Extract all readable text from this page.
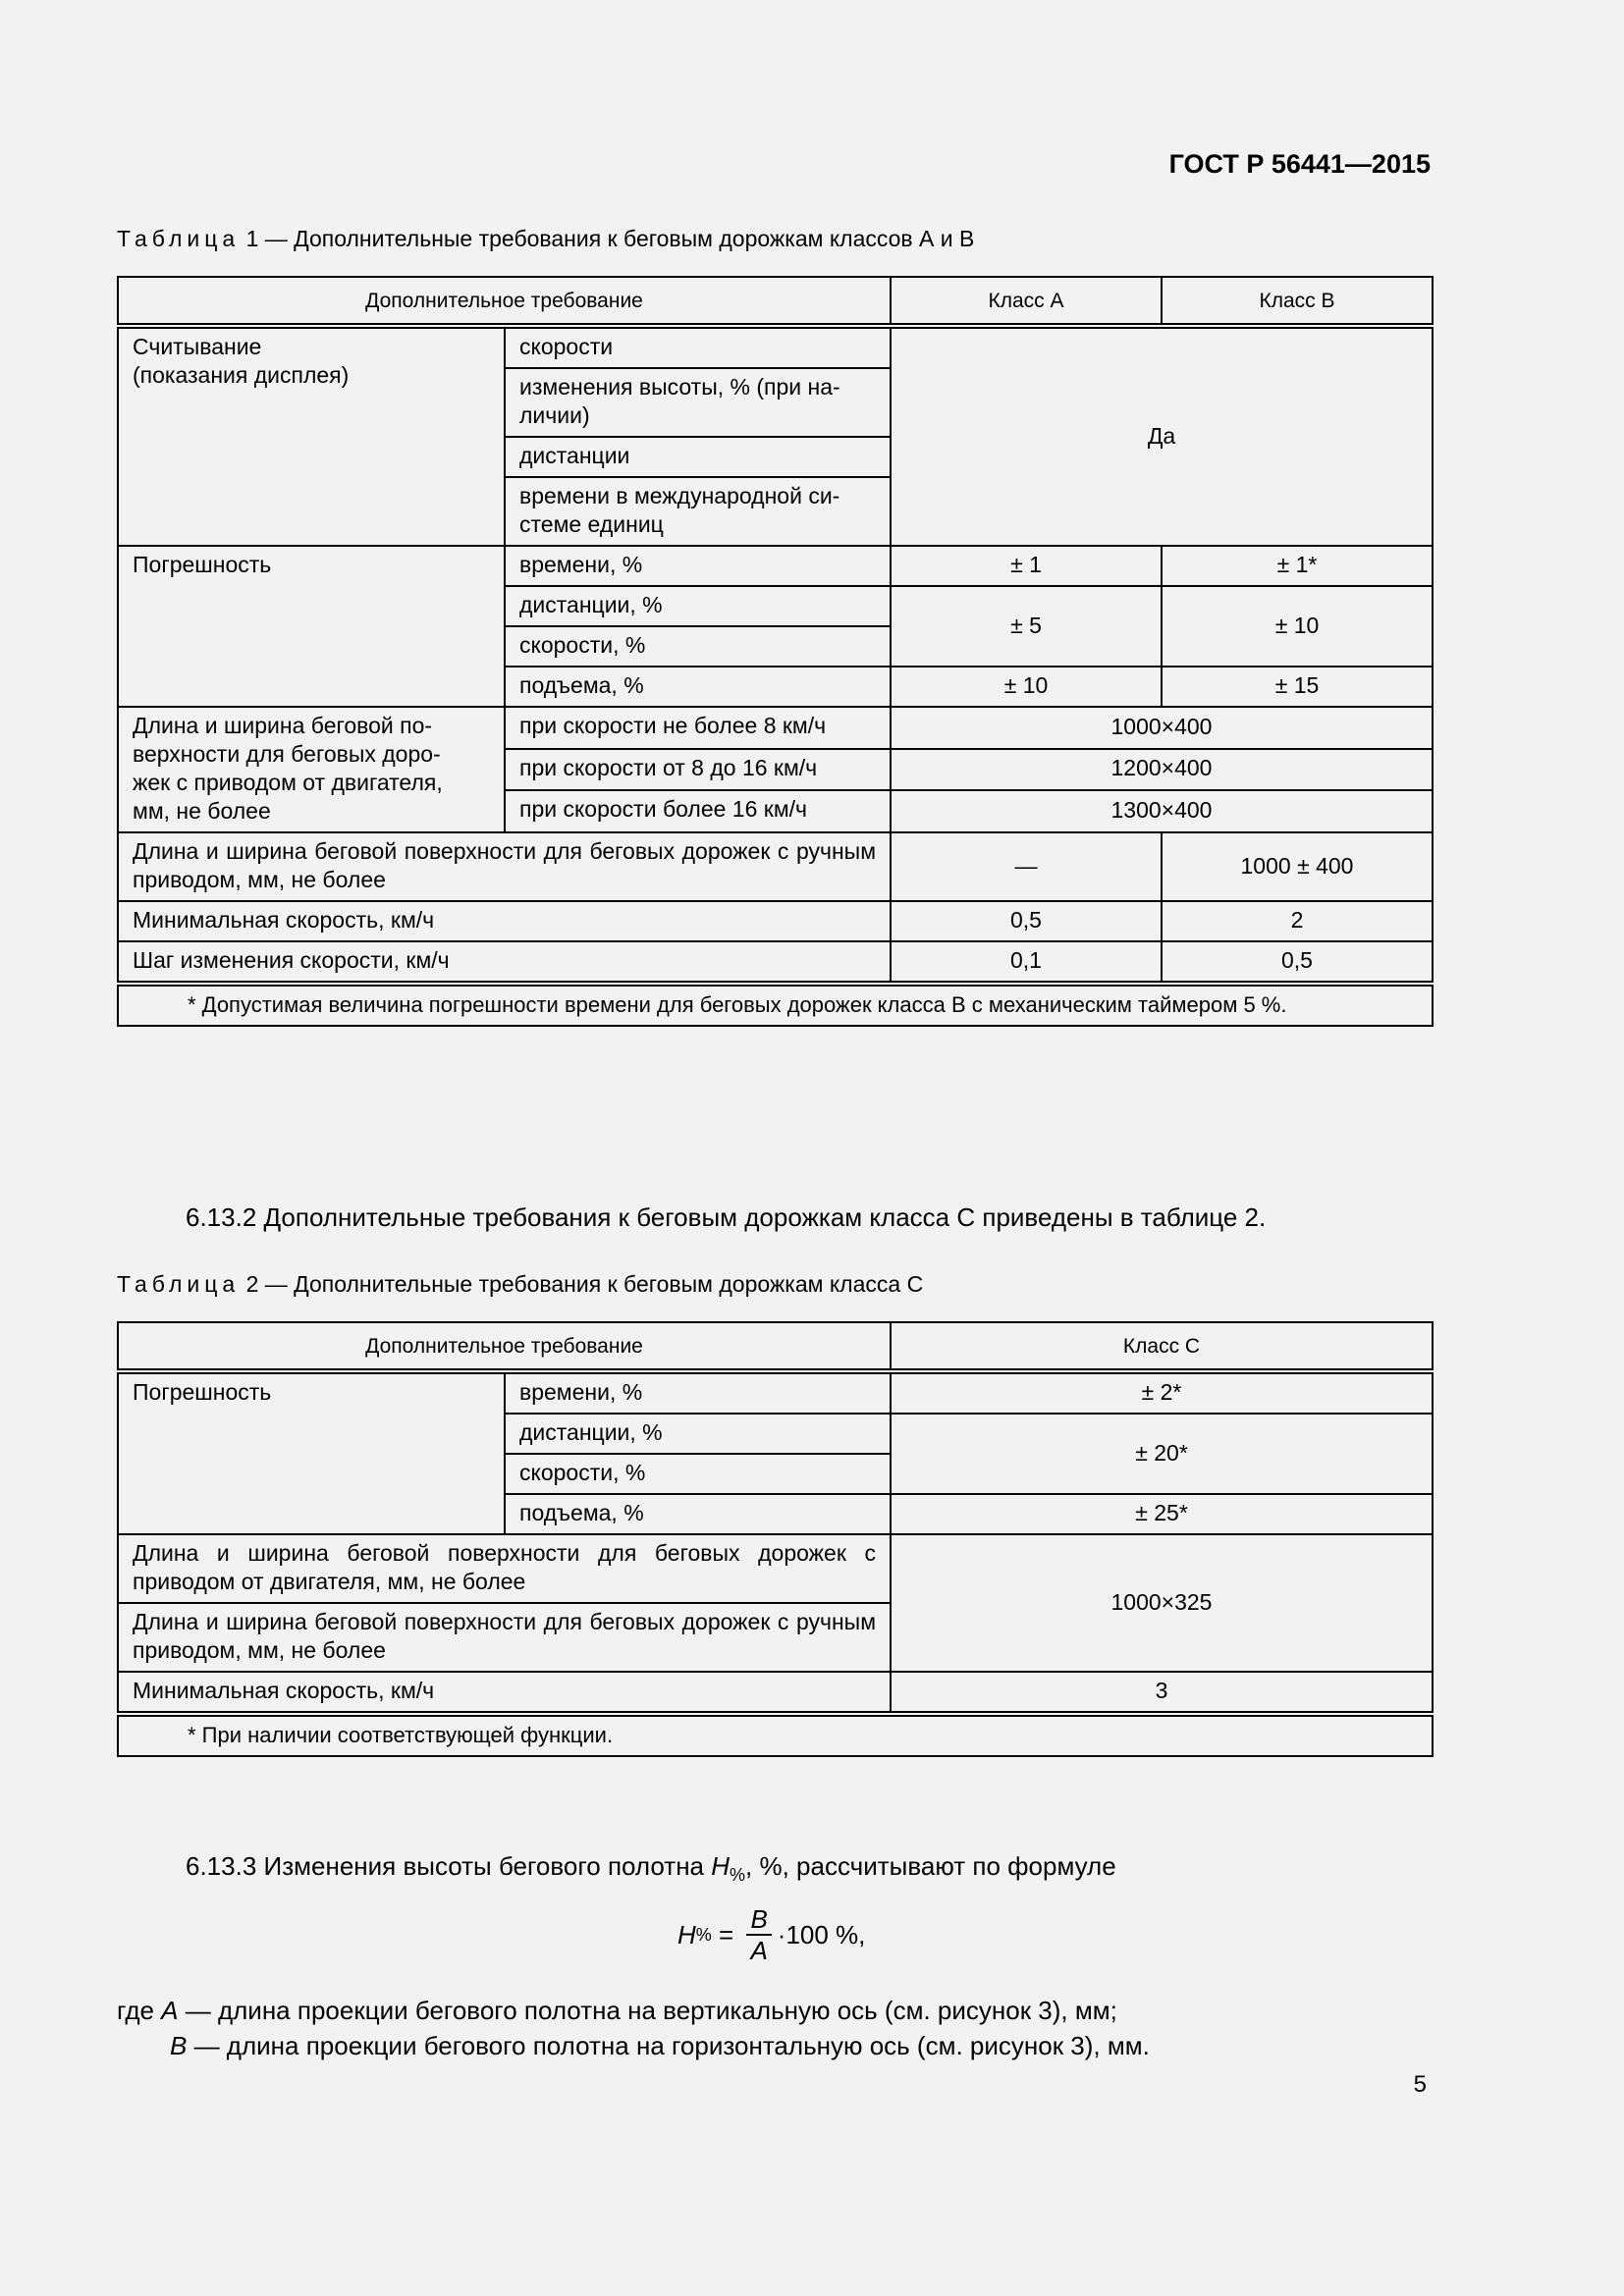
ГОСТ Р 56441—2015
Таблица 1 — Дополнительные требования к беговым дорожкам классов А и В
Дополнительное требование		Класс А	Класс В
Считывание
(показания дисплея)	скорости	Да	
	изменения высоты, % (при на-
личии)		
	дистанции		
	времени в международной си-
стеме единиц		
Погрешность	времени, %	± 1	± 1*
	дистанции, %	± 5	± 10
	скорости, %		
	подъема, %	± 10	± 15
Длина и ширина беговой по-
верхности для беговых доро-
жек с приводом от двигателя,
мм, не более	при скорости не более 8 км/ч	1000×400	
	при скорости от 8 до 16 км/ч	1200×400	
	при скорости более 16 км/ч	1300×400	
Длина и ширина беговой поверхности для беговых дорожек с ручным приводом, мм, не более		—	1000 ± 400
Минимальная скорость, км/ч		0,5	2
Шаг изменения скорости, км/ч		0,1	0,5
* Допустимая величина погрешности времени для беговых дорожек класса В с механическим таймером 5 %.			
6.13.2 Дополнительные требования к беговым дорожкам класса С приведены в таблице 2.
Таблица 2 — Дополнительные требования к беговым дорожкам класса С
Дополнительное требование		Класс С
Погрешность	времени, %	± 2*
	дистанции, %	± 20*
	скорости, %	
	подъема, %	± 25*
Длина и ширина беговой поверхности для беговых дорожек с приводом от двигателя, мм, не более		1000×325
Длина и ширина беговой поверхности для беговых дорожек с ручным приводом, мм, не более		
Минимальная скорость, км/ч		3
* При наличии соответствующей функции.		
6.13.3 Изменения высоты бегового полотна $H_{\%}$, %, рассчитывают по формуле
H % = $\frac{B}{A} \cdot 100$ %,
где A — длина проекции бегового полотна на вертикальную ось (см. рисунок 3), мм;
B — длина проекции бегового полотна на горизонтальную ось (см. рисунок 3), мм.
5
